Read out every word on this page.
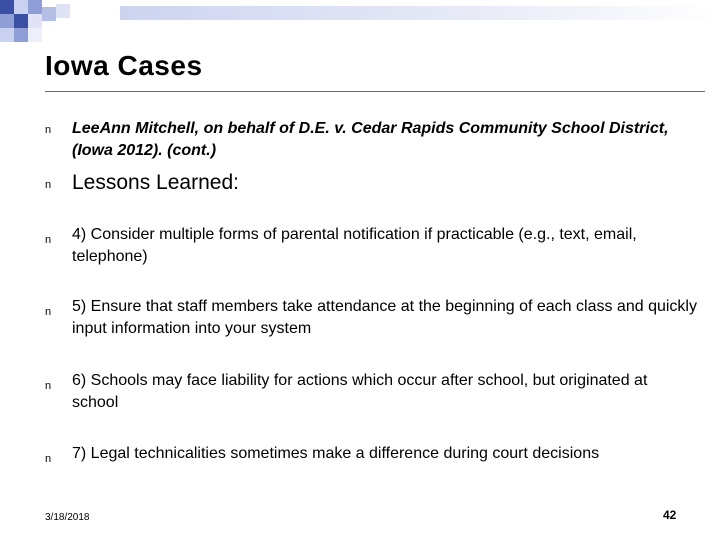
Iowa Cases
n LeeAnn Mitchell, on behalf of D.E. v. Cedar Rapids Community School District, (Iowa 2012). (cont.)
n Lessons Learned:
n 4) Consider multiple forms of parental notification if practicable (e.g., text, email, telephone)
n 5) Ensure that staff members take attendance at the beginning of each class and quickly input information into your system
n 6) Schools may face liability for actions which occur after school, but originated at school
n 7) Legal technicalities sometimes make a difference during court decisions
3/18/2018	42
